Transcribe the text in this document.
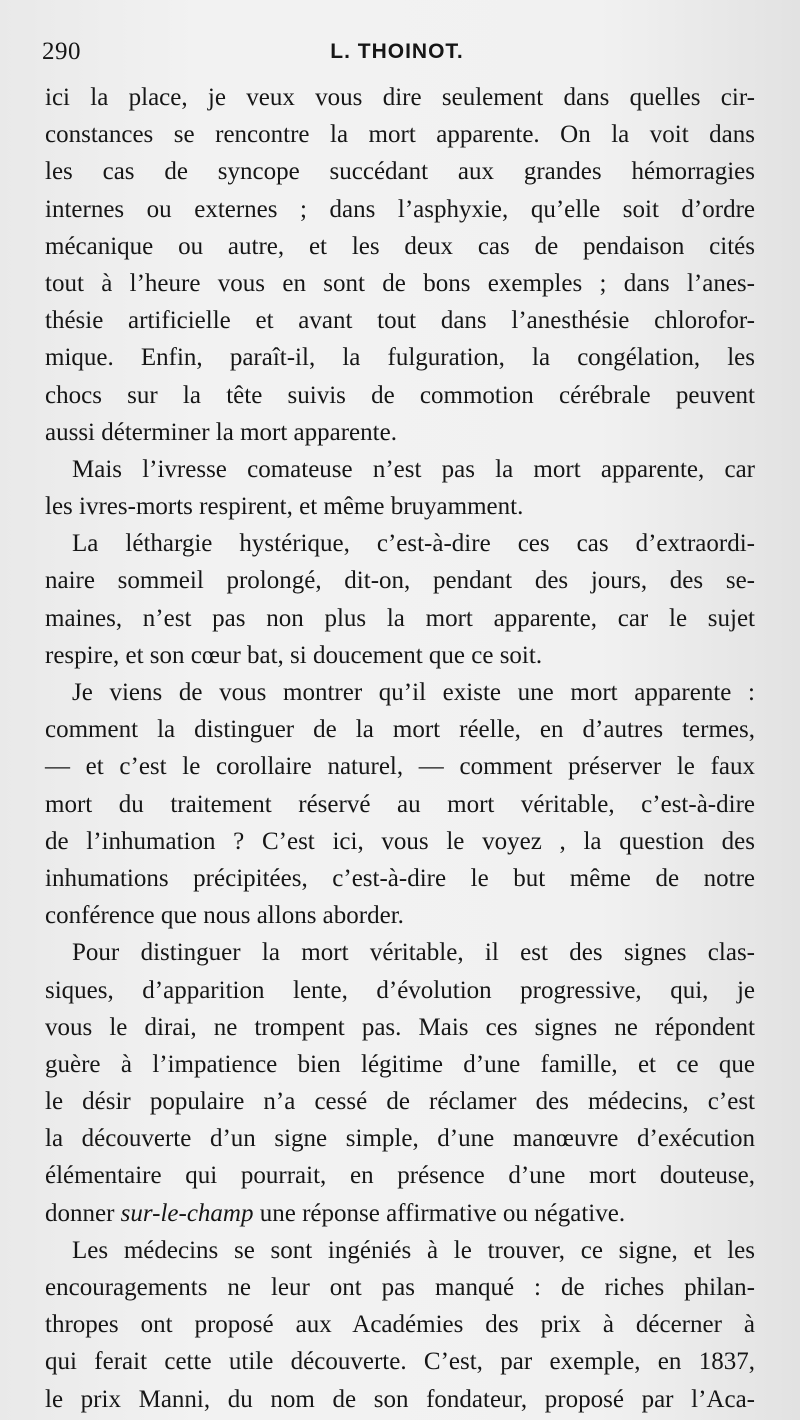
290	L. THOINOT.
ici la place, je veux vous dire seulement dans quelles cir-
constances se rencontre la mort apparente. On la voit dans
les cas de syncope succédant aux grandes hémorragies
internes ou externes ; dans l’asphyxie, qu’elle soit d’ordre
mécanique ou autre, et les deux cas de pendaison cités
tout à l’heure vous en sont de bons exemples ; dans l’anes-
thésie artificielle et avant tout dans l’anesthésie chlorofor-
mique. Enfin, paraît-il, la fulguration, la congélation, les
chocs sur la tête suivis de commotion cérébrale peuvent
aussi déterminer la mort apparente.
Mais l’ivresse comateuse n’est pas la mort apparente, car
les ivres-morts respirent, et même bruyamment.
La léthargie hystérique, c’est-à-dire ces cas d’extraordi-
naire sommeil prolongé, dit-on, pendant des jours, des se-
maines, n’est pas non plus la mort apparente, car le sujet
respire, et son cœur bat, si doucement que ce soit.
Je viens de vous montrer qu’il existe une mort apparente :
comment la distinguer de la mort réelle, en d’autres termes,
— et c’est le corollaire naturel, — comment préserver le faux
mort du traitement réservé au mort véritable, c’est-à-dire
de l’inhumation ? C’est ici, vous le voyez , la question des
inhumations précipitées, c’est-à-dire le but même de notre
conférence que nous allons aborder.
Pour distinguer la mort véritable, il est des signes clas-
siques, d’apparition lente, d’évolution progressive, qui, je
vous le dirai, ne trompent pas. Mais ces signes ne répondent
guère à l’impatience bien légitime d’une famille, et ce que
le désir populaire n’a cessé de réclamer des médecins, c’est
la découverte d’un signe simple, d’une manœuvre d’exécution
élémentaire qui pourrait, en présence d’une mort douteuse,
donner sur-le-champ une réponse affirmative ou négative.
Les médecins se sont ingéniés à le trouver, ce signe, et les
encouragements ne leur ont pas manqué : de riches philan-
thropes ont proposé aux Académies des prix à décerner à
qui ferait cette utile découverte. C’est, par exemple, en 1837,
le prix Manni, du nom de son fondateur, proposé par l’Aca-
